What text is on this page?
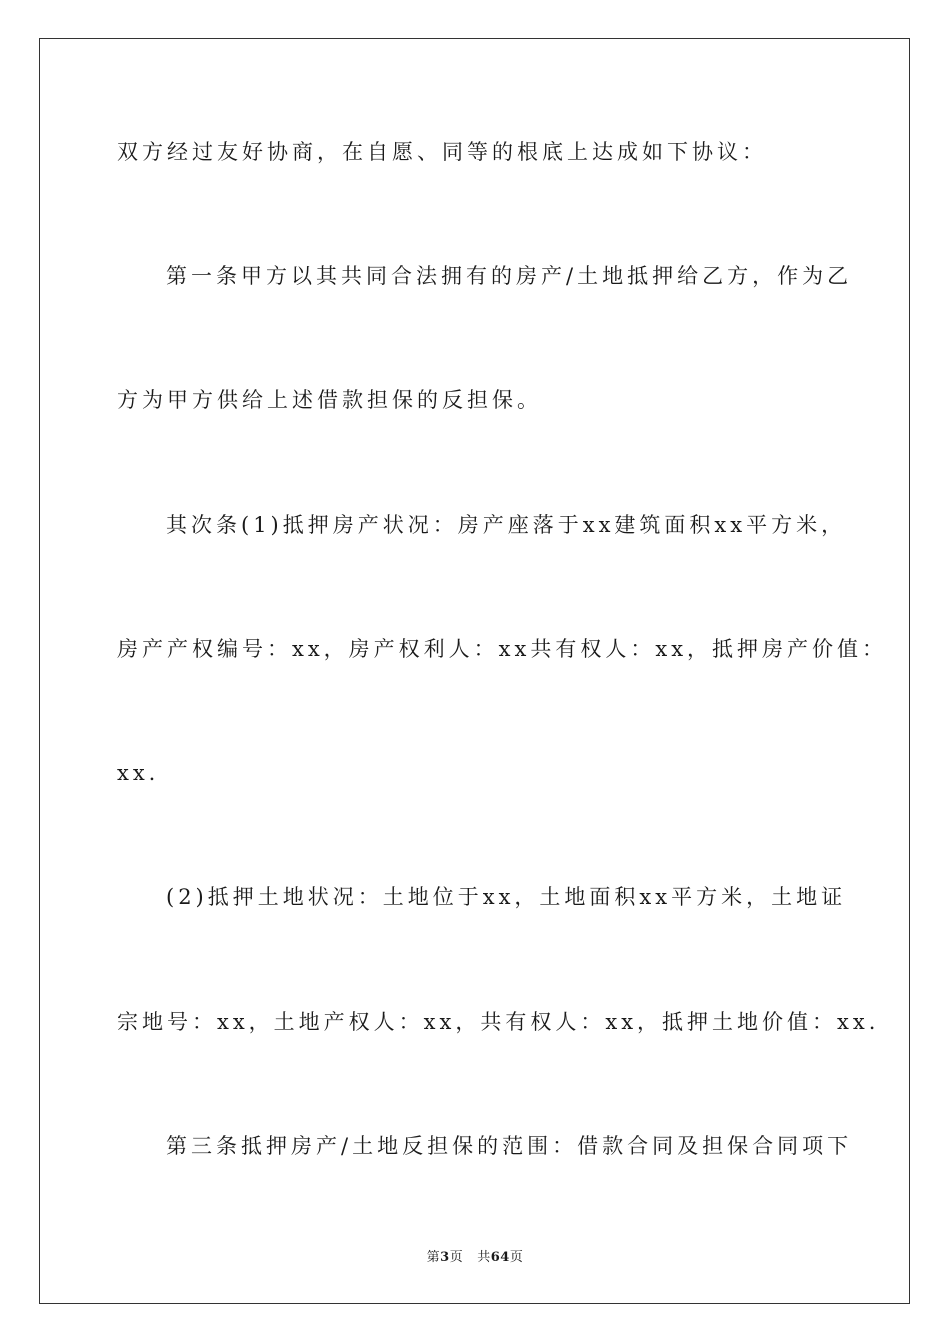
双方经过友好协商，在自愿、同等的根底上达成如下协议：
第一条甲方以其共同合法拥有的房产/土地抵押给乙方，作为乙
方为甲方供给上述借款担保的反担保。
其次条(1)抵押房产状况：房产座落于xx建筑面积xx平方米，
房产产权编号：xx，房产权利人：xx共有权人：xx，抵押房产价值：
xx.
(2)抵押土地状况：土地位于xx，土地面积xx平方米，土地证
宗地号：xx，土地产权人：xx，共有权人：xx，抵押土地价值：xx.
第三条抵押房产/土地反担保的范围：借款合同及担保合同项下
第3页 共64页
